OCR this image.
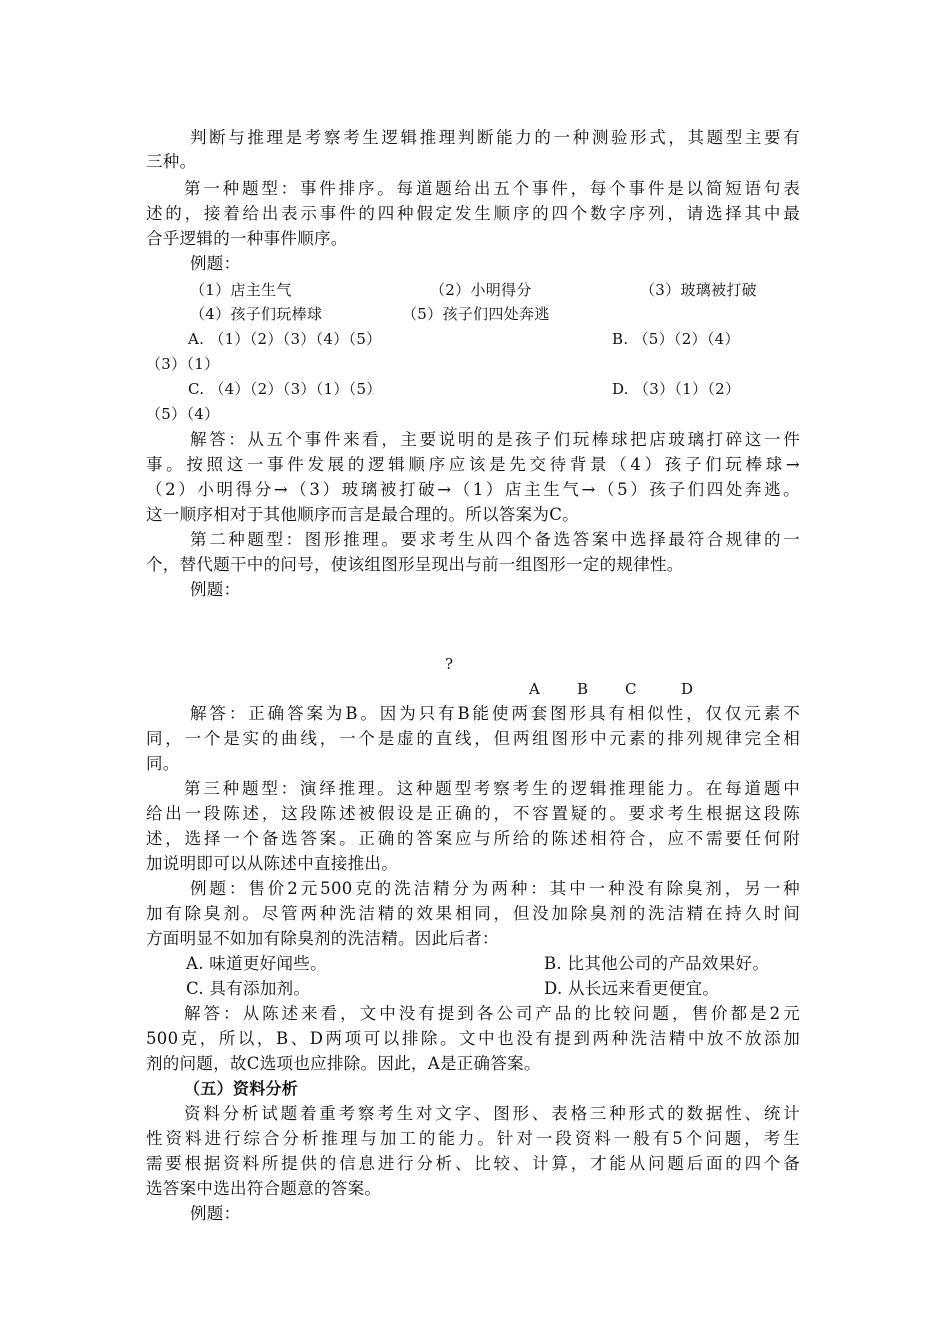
判断与推理是考察考生逻辑推理判断能力的一种测验形式，其题型主要有
三种。
第一种题型：事件排序。每道题给出五个事件，每个事件是以简短语句表
述的，接着给出表示事件的四种假定发生顺序的四个数字序列，请选择其中最
合乎逻辑的一种事件顺序。
例题：
（1）店主生气	（2）小明得分	（3）玻璃被打破
（4）孩子们玩棒球	（5）孩子们四处奔逃
A. （1）（2）（3）（4）（5）	B. （5）（2）（4）
（3）（1）
C. （4）（2）（3）（1）（5）	D. （3）（1）（2）
（5）（4）
解答：从五个事件来看，主要说明的是孩子们玩棒球把店玻璃打碎这一件
事。按照这一事件发展的逻辑顺序应该是先交待背景（4）孩子们玩棒球→
（2）小明得分→（3）玻璃被打破→（1）店主生气→（5）孩子们四处奔逃。
这一顺序相对于其他顺序而言是最合理的。所以答案为C。
第二种题型：图形推理。要求考生从四个备选答案中选择最符合规律的一
个，替代题干中的问号，使该组图形呈现出与前一组图形一定的规律性。
例题：
?
A B C	D
解答：正确答案为B。因为只有B能使两套图形具有相似性，仅仅元素不
同，一个是实的曲线，一个是虚的直线，但两组图形中元素的排列规律完全相
同。
第三种题型：演绎推理。这种题型考察考生的逻辑推理能力。在每道题中
给出一段陈述，这段陈述被假设是正确的，不容置疑的。要求考生根据这段陈
述，选择一个备选答案。正确的答案应与所给的陈述相符合，应不需要任何附
加说明即可以从陈述中直接推出。
例题：售价2元500克的洗洁精分为两种：其中一种没有除臭剂，另一种
加有除臭剂。尽管两种洗洁精的效果相同，但没加除臭剂的洗洁精在持久时间
方面明显不如加有除臭剂的洗洁精。因此后者：
A. 味道更好闻些。	B. 比其他公司的产品效果好。
C. 具有添加剂。	D. 从长远来看更便宜。
解答：从陈述来看，文中没有提到各公司产品的比较问题，售价都是2元
500克，所以，B、D两项可以排除。文中也没有提到两种洗洁精中放不放添加
剂的问题，故C选项也应排除。因此，A是正确答案。
（五）资料分析
资料分析试题着重考察考生对文字、图形、表格三种形式的数据性、统计
性资料进行综合分析推理与加工的能力。针对一段资料一般有5个问题，考生
需要根据资料所提供的信息进行分析、比较、计算，才能从问题后面的四个备
选答案中选出符合题意的答案。
例题：
